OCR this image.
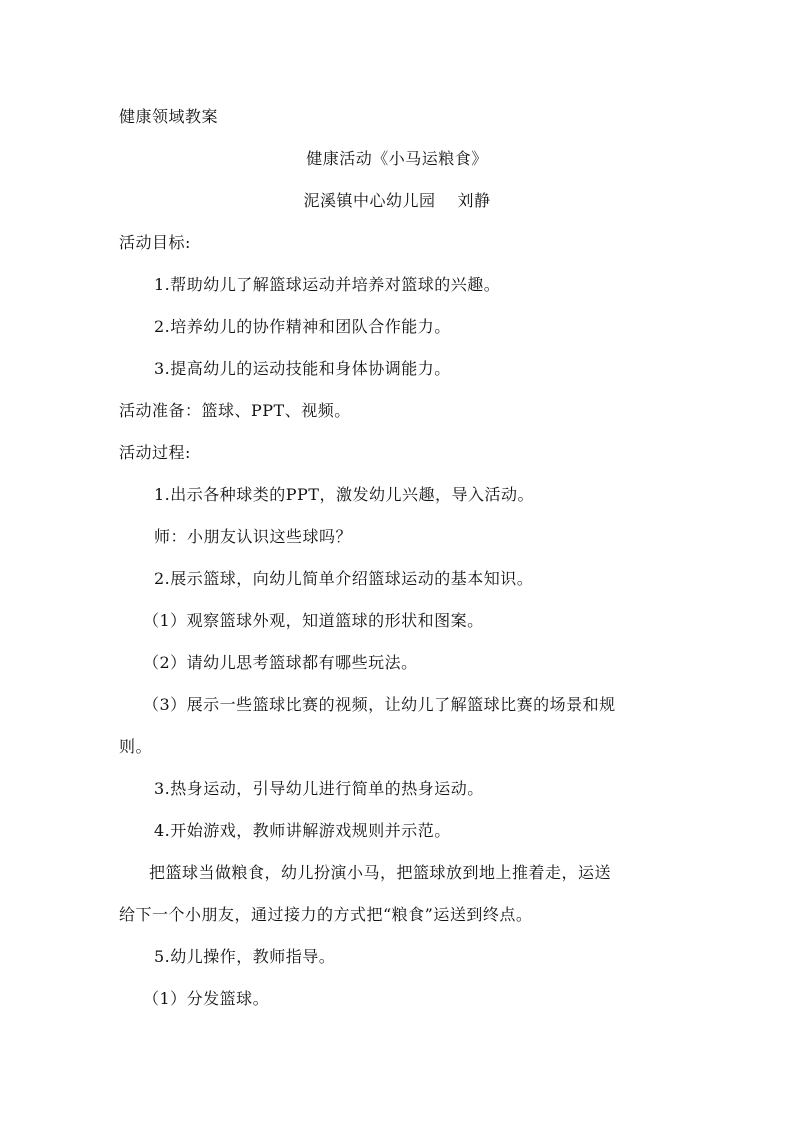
健康领域教案
健康活动《小马运粮食》
泥溪镇中心幼儿园　 刘静
活动目标:
1.帮助幼儿了解篮球运动并培养对篮球的兴趣。
2.培养幼儿的协作精神和团队合作能力。
3.提高幼儿的运动技能和身体协调能力。
活动准备：篮球、PPT、视频。
活动过程:
1.出示各种球类的PPT，激发幼儿兴趣，导入活动。
师：小朋友认识这些球吗？
2.展示篮球，向幼儿简单介绍篮球运动的基本知识。
（1）观察篮球外观，知道篮球的形状和图案。
（2）请幼儿思考篮球都有哪些玩法。
（3）展示一些篮球比赛的视频，让幼儿了解篮球比赛的场景和规
则。
3.热身运动，引导幼儿进行简单的热身运动。
4.开始游戏，教师讲解游戏规则并示范。
把篮球当做粮食，幼儿扮演小马，把篮球放到地上推着走，运送
给下一个小朋友，通过接力的方式把“粮食”运送到终点。
5.幼儿操作，教师指导。
（1）分发篮球。
